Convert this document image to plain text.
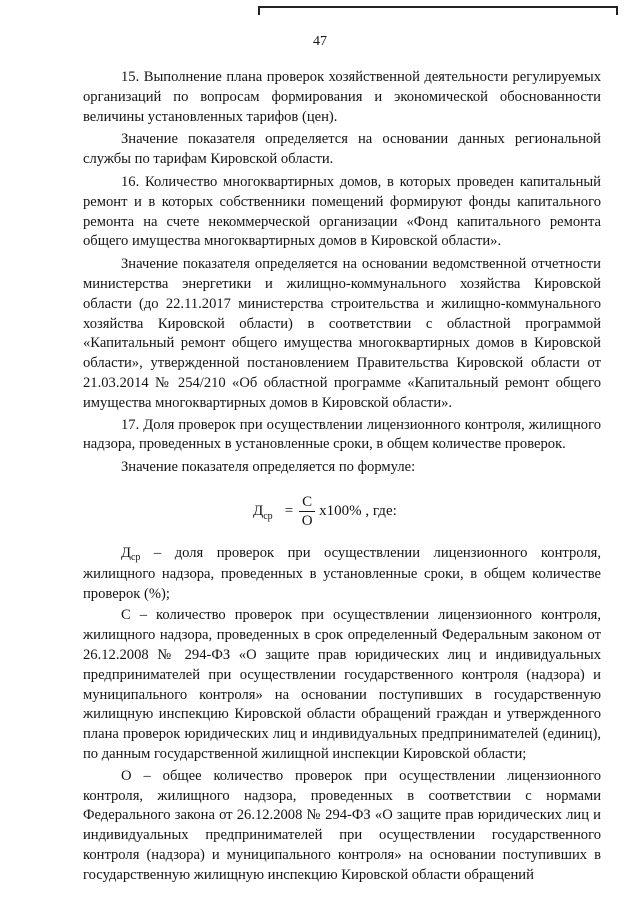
47

15. Выполнение плана проверок хозяйственной деятельности регулируемых организаций по вопросам формирования и экономической обоснованности величины установленных тарифов (цен).

Значение показателя определяется на основании данных региональной службы по тарифам Кировской области.

16. Количество многоквартирных домов, в которых проведен капитальный ремонт и в которых собственники помещений формируют фонды капитального ремонта на счете некоммерческой организации «Фонд капитального ремонта общего имущества многоквартирных домов в Кировской области».

Значение показателя определяется на основании ведомственной отчетности министерства энергетики и жилищно-коммунального хозяйства Кировской области (до 22.11.2017 министерства строительства и жилищно-коммунального хозяйства Кировской области) в соответствии с областной программой «Капитальный ремонт общего имущества многоквартирных домов в Кировской области», утвержденной постановлением Правительства Кировской области от 21.03.2014 № 254/210 «Об областной программе «Капитальный ремонт общего имущества многоквартирных домов в Кировской области».

17. Доля проверок при осуществлении лицензионного контроля, жилищного надзора, проведенных в установленные сроки, в общем количестве проверок.

Значение показателя определяется по формуле:

Д ср = $\frac{С}{О} х100\%$ , где:

$Д_{ср}$ – доля проверок при осуществлении лицензионного контроля, жилищного надзора, проведенных в установленные сроки, в общем количестве проверок (%);

С – количество проверок при осуществлении лицензионного контроля, жилищного надзора, проведенных в срок определенный Федеральным законом от 26.12.2008 № 294-ФЗ «О защите прав юридических лиц и индивидуальных предпринимателей при осуществлении государственного контроля (надзора) и муниципального контроля» на основании поступивших в государственную жилищную инспекцию Кировской области обращений граждан и утвержденного плана проверок юридических лиц и индивидуальных предпринимателей (единиц), по данным государственной жилищной инспекции Кировской области;

О – общее количество проверок при осуществлении лицензионного контроля, жилищного надзора, проведенных в соответствии с нормами Федерального закона от 26.12.2008 № 294-ФЗ «О защите прав юридических лиц и индивидуальных предпринимателей при осуществлении государственного контроля (надзора) и муниципального контроля» на основании поступивших в государственную жилищную инспекцию Кировской области обращений
